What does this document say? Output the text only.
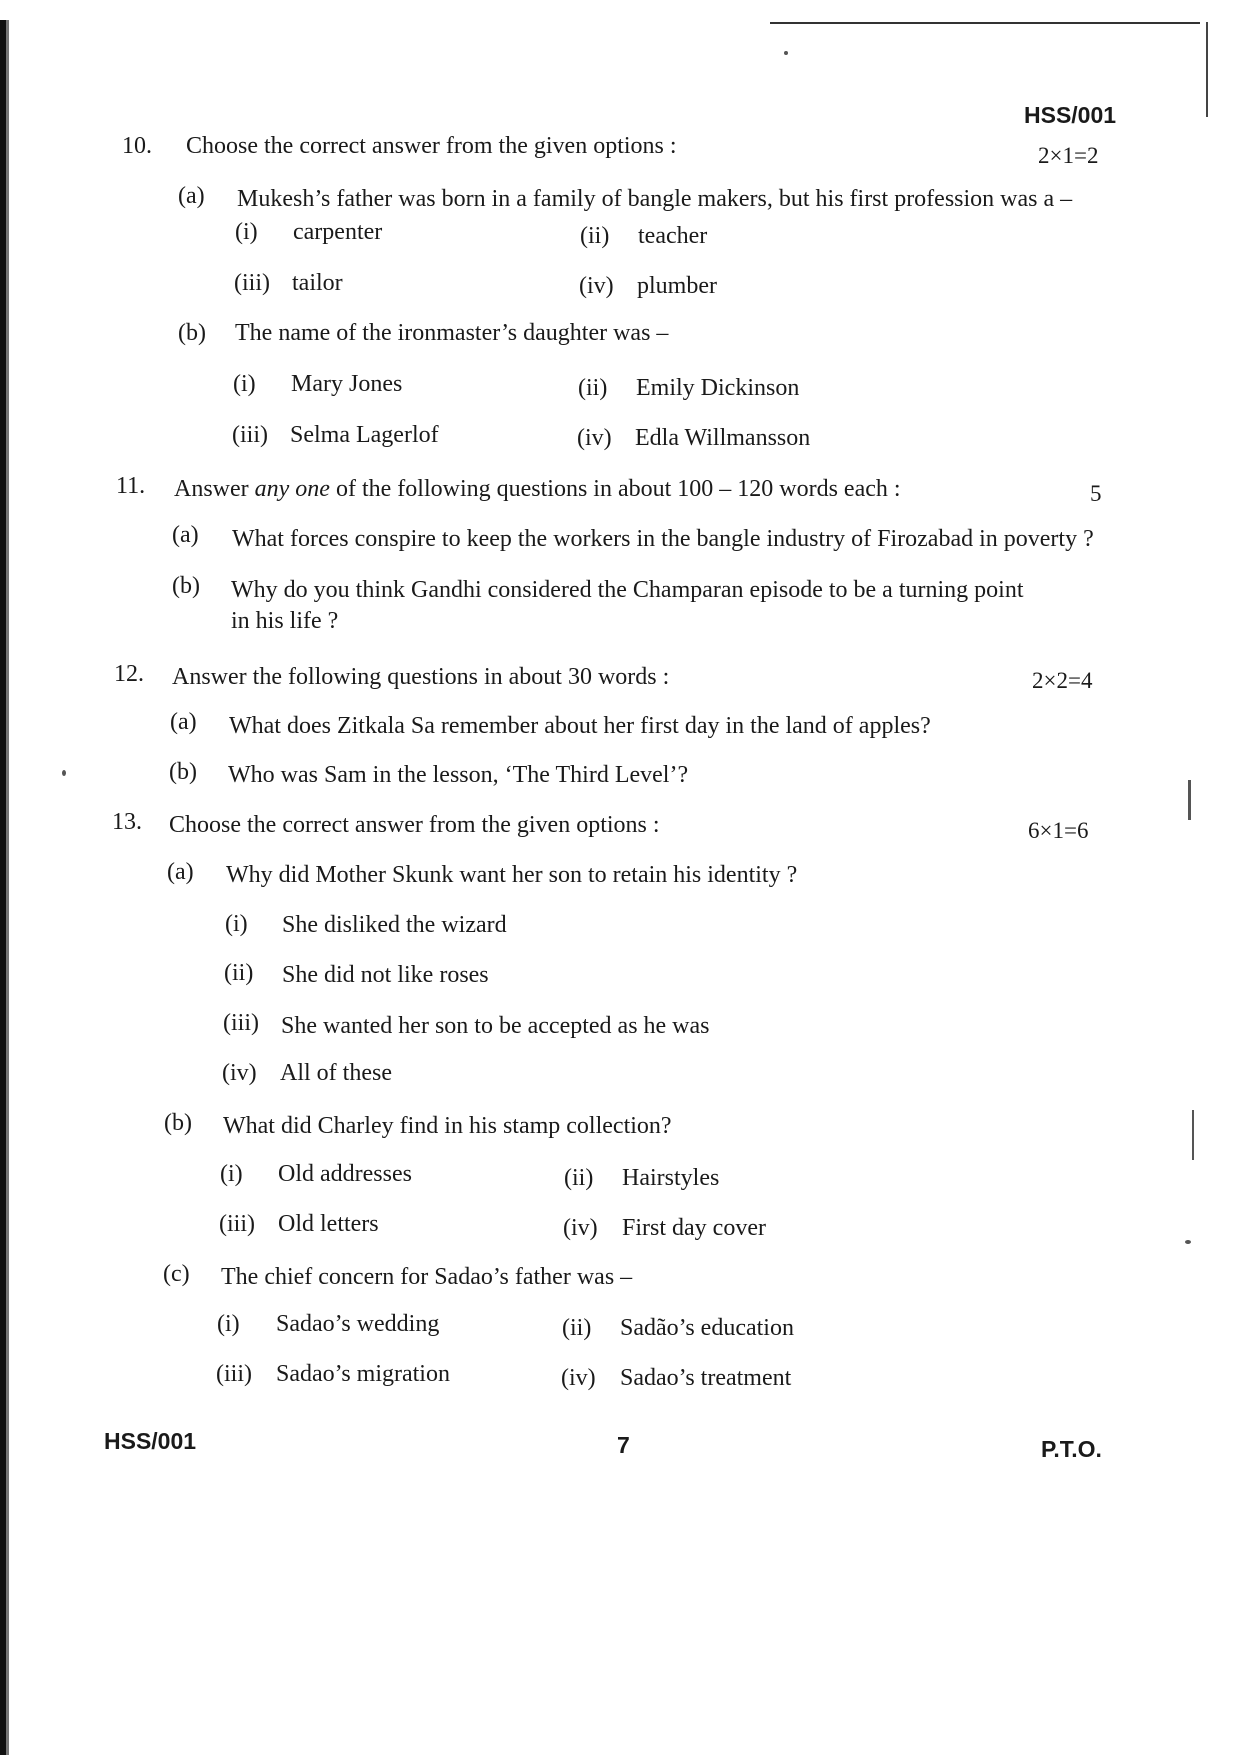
HSS/001
10. Choose the correct answer from the given options :	2×1=2
(a) Mukesh’s father was born in a family of bangle makers, but his first profession was a –
(i) carpenter	(ii) teacher
(iii) tailor	(iv) plumber
(b) The name of the ironmaster’s daughter was –
(i) Mary Jones	(ii) Emily Dickinson
(iii) Selma Lagerlof	(iv) Edla Willmansson
11. Answer any one of the following questions in about 100 – 120 words each :	5
(a) What forces conspire to keep the workers in the bangle industry of Firozabad in poverty ?
(b) Why do you think Gandhi considered the Champaran episode to be a turning point
in his life ?
12. Answer the following questions in about 30 words :	2×2=4
(a) What does Zitkala Sa remember about her first day in the land of apples?
(b) Who was Sam in the lesson, ‘The Third Level’?
13. Choose the correct answer from the given options :	6×1=6
(a) Why did Mother Skunk want her son to retain his identity ?
(i) She disliked the wizard
(ii) She did not like roses
(iii) She wanted her son to be accepted as he was
(iv) All of these
(b) What did Charley find in his stamp collection?
(i) Old addresses	(ii) Hairstyles
(iii) Old letters	(iv) First day cover
(c) The chief concern for Sadao’s father was –
(i) Sadao’s wedding	(ii) Sadão’s education
(iii) Sadao’s migration	(iv) Sadao’s treatment
HSS/001	7	P.T.O.
